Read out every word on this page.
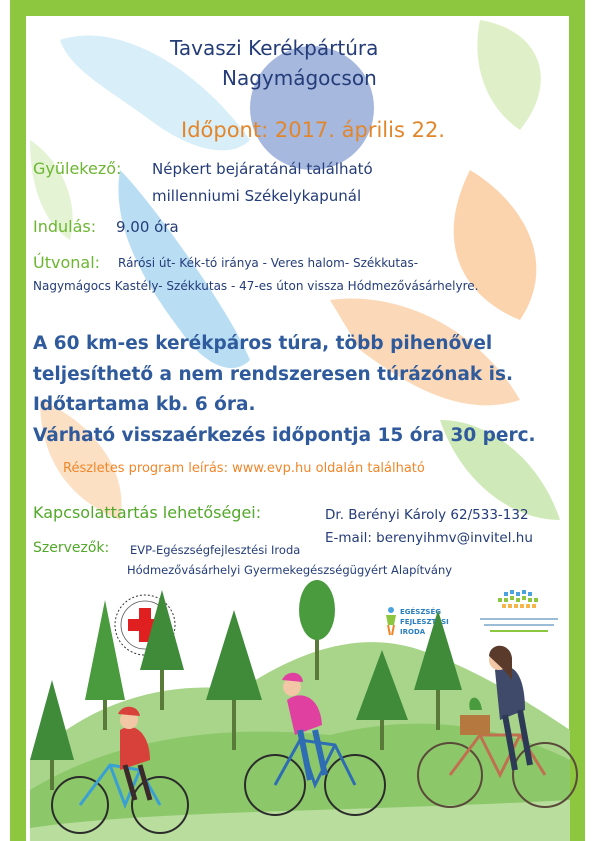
Tavaszi Kerékpártúra
Nagymágocson
Időpont: 2017. április 22.
Gyülekező: Népkert bejáratánál található
millenniumi Székelykapunál
Indulás: 9.00 óra
Útvonal: Rárósi út- Kék-tó iránya - Veres halom- Székkutas-
Nagymágocs Kastély- Székkutas - 47-es úton vissza Hódmezővásárhelyre.
A 60 km-es kerékpáros túra, több pihenővel
teljesíthető a nem rendszeresen túrázónak is.
Időtartama kb. 6 óra.
Várható visszaérkezés időpontja 15 óra 30 perc.
Részletes program leírás: www.evp.hu oldalán található
Kapcsolattartás lehetőségei:	Dr. Berényi Károly 62/533-132
E-mail: berenyihmv@invitel.hu
Szervezők: EVP-Egészségfejlesztési Iroda
Hódmezővásárhelyi Gyermekegészségügyért Alapítvány
EGÉSZSÉG
FEJLESZTÉSI
IRODA
